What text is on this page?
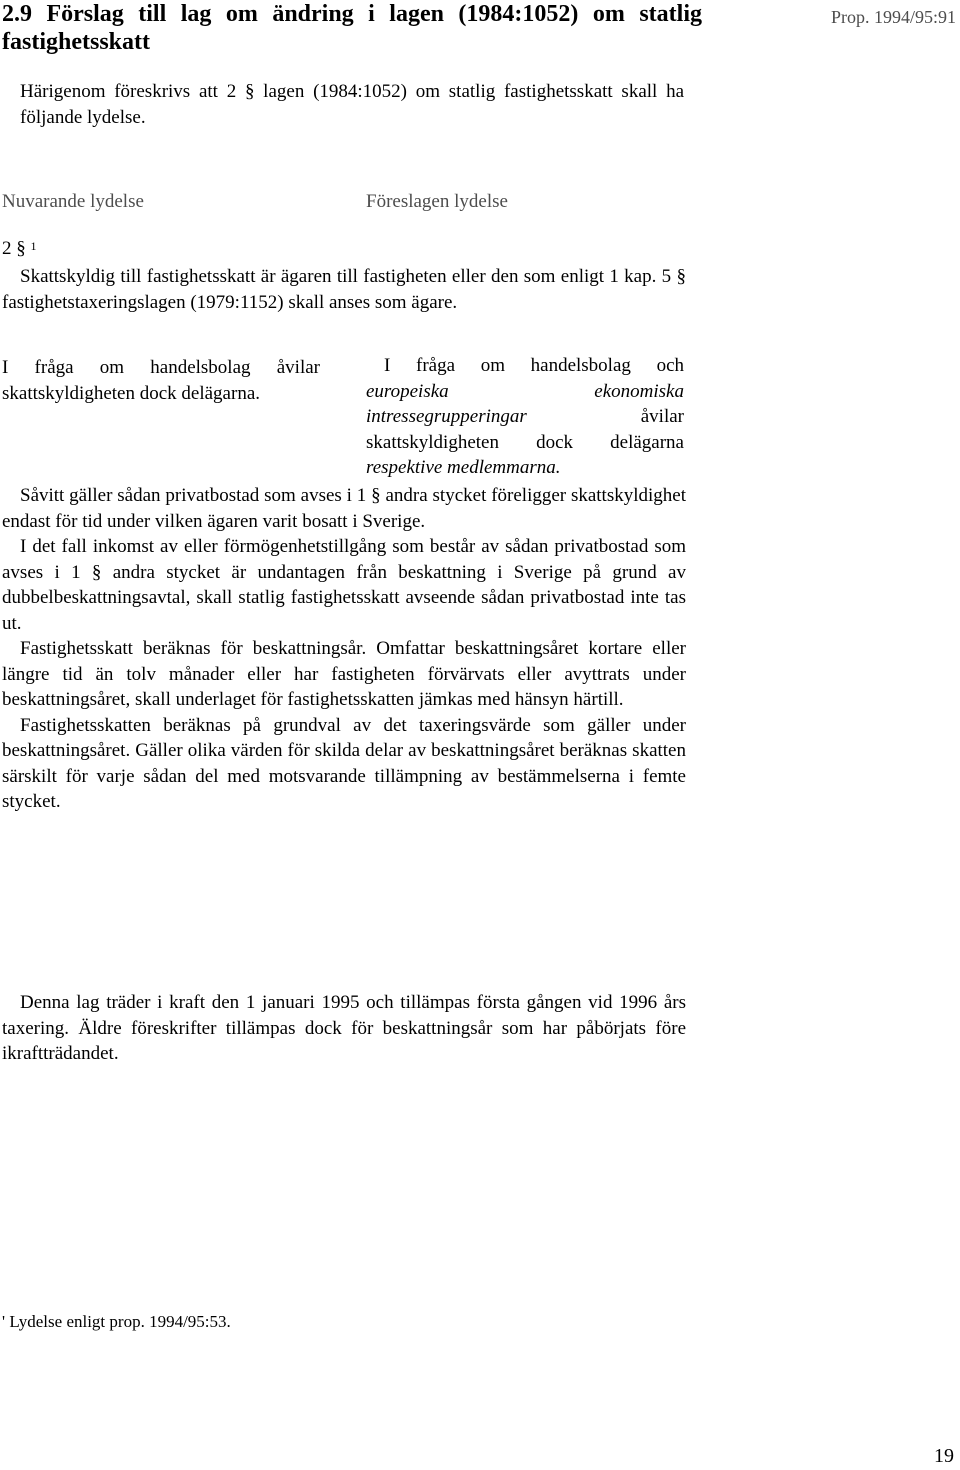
2.9 Förslag till lag om ändring i lagen (1984:1052) om statlig fastighetsskatt
Prop. 1994/95:91

Härigenom föreskrivs att 2 § lagen (1984:1052) om statlig fastighetsskatt skall ha följande lydelse.

Nuvarande lydelse	Föreslagen lydelse
2 § $^1$

Skattskyldig till fastighetsskatt är ägaren till fastigheten eller den som enligt 1 kap. 5 § fastighetstaxeringslagen (1979:1152) skall anses som ägare.

I fråga om handelsbolag åvilar skattskyldigheten dock delägarna.

I fråga om handelsbolag och europeiska ekonomiska intressegrupperingar åvilar skattskyldigheten dock delägarna respektive medlemmarna.

Såvitt gäller sådan privatbostad som avses i 1 § andra stycket föreligger skattskyldighet endast för tid under vilken ägaren varit bosatt i Sverige.

I det fall inkomst av eller förmögenhetstillgång som består av sådan privatbostad som avses i 1 § andra stycket är undantagen från beskattning i Sverige på grund av dubbelbeskattningsavtal, skall statlig fastighetsskatt avseende sådan privatbostad inte tas ut.

Fastighetsskatt beräknas för beskattningsår. Omfattar beskattningsåret kortare eller längre tid än tolv månader eller har fastigheten förvärvats eller avyttrats under beskattningsåret, skall underlaget för fastighetsskatten jämkas med hänsyn härtill.

Fastighetsskatten beräknas på grundval av det taxeringsvärde som gäller under beskattningsåret. Gäller olika värden för skilda delar av beskattningsåret beräknas skatten särskilt för varje sådan del med motsvarande tillämpning av bestämmelserna i femte stycket.

Denna lag träder i kraft den 1 januari 1995 och tillämpas första gången vid 1996 års taxering. Äldre föreskrifter tillämpas dock för beskattningsår som har påbörjats före ikraftträdandet.

' Lydelse enligt prop. 1994/95:53.
19
